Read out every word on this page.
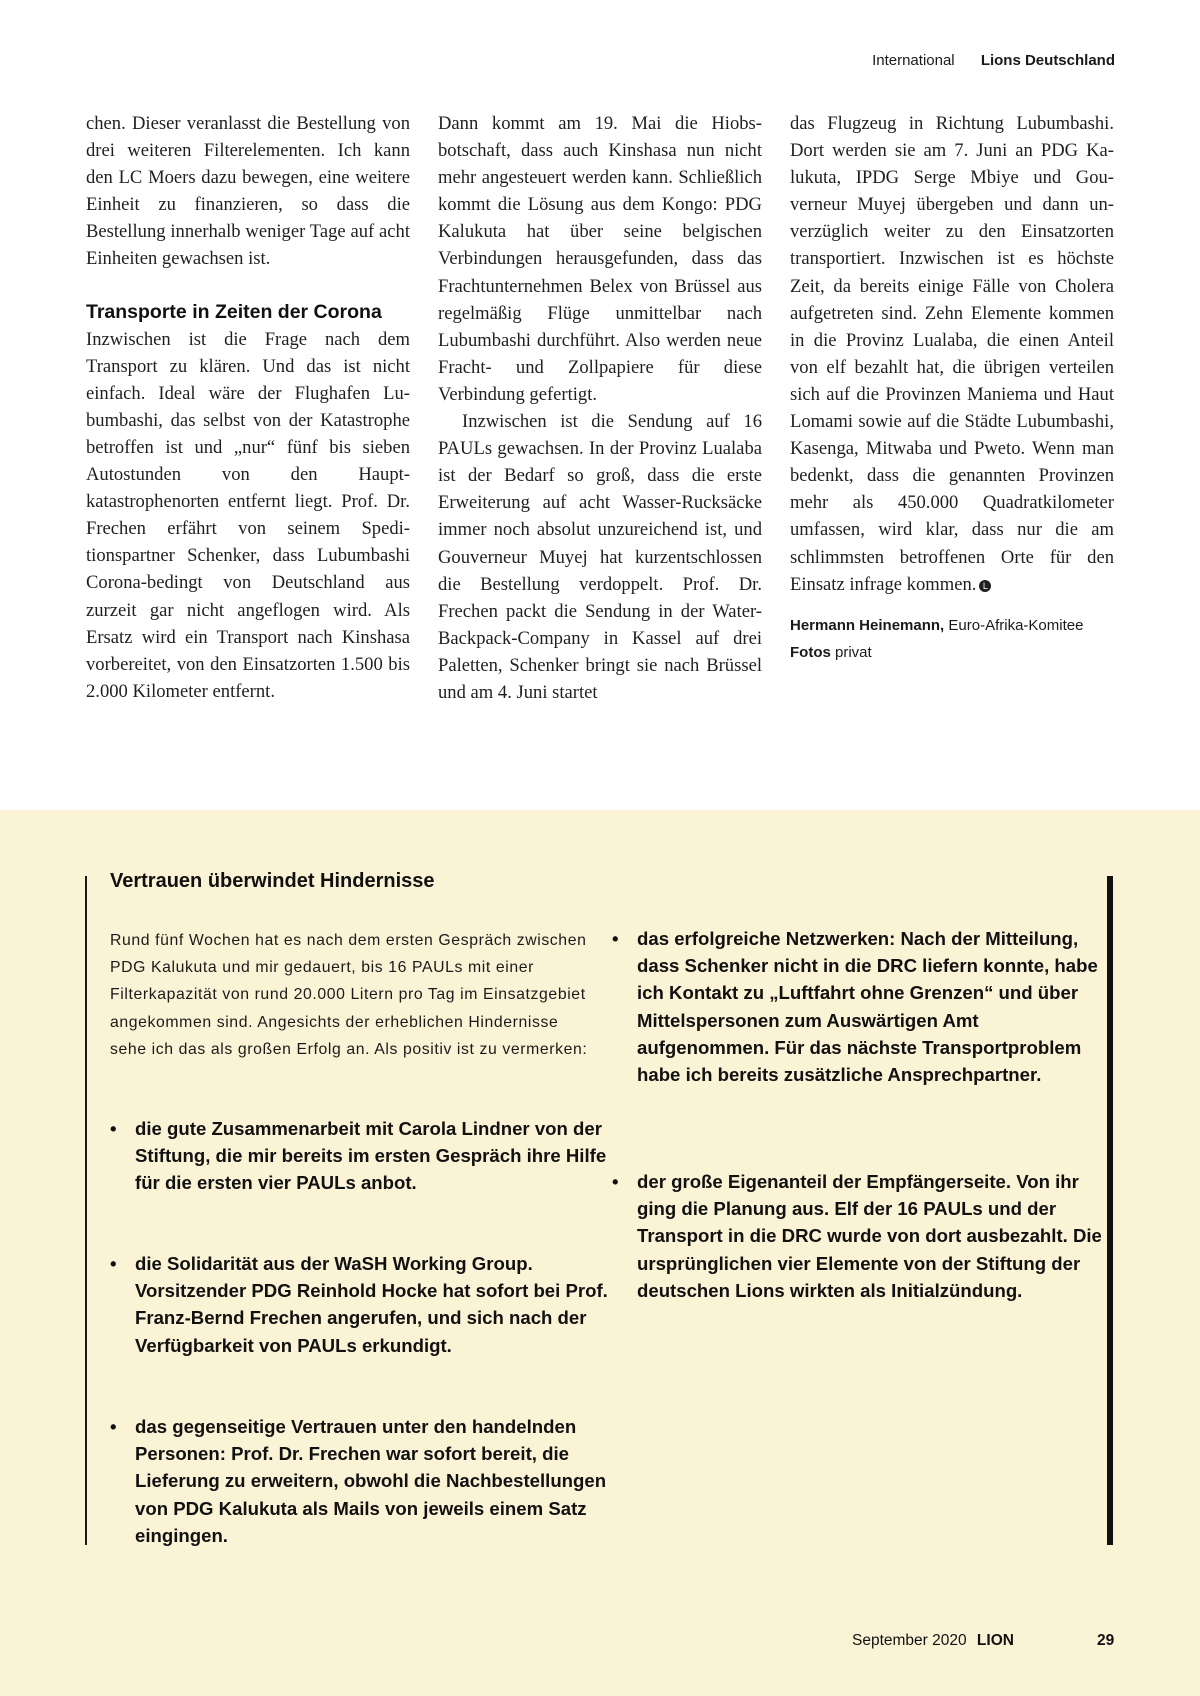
International Lions Deutschland

chen. Dieser veranlasst die Bestellung von drei weiteren Filterelementen. Ich kann den LC Moers dazu bewegen, eine weitere Einheit zu finanzieren, so dass die Bestellung innerhalb weniger Tage auf acht Einheiten gewachsen ist.

Transporte in Zeiten der Corona

Inzwischen ist die Frage nach dem Transport zu klären. Und das ist nicht einfach. Ideal wäre der Flughafen Lubumbashi, das selbst von der Katastrophe betroffen ist und „nur“ fünf bis sieben Autostunden von den Hauptkatastrophenorten entfernt liegt. Prof. Dr. Frechen erfährt von seinem Speditionspartner Schenker, dass Lubumbashi Corona-bedingt von Deutschland aus zurzeit gar nicht angeflogen wird. Als Ersatz wird ein Transport nach Kinshasa vorbereitet, von den Einsatzorten 1.500 bis 2.000 Kilometer entfernt.

Dann kommt am 19. Mai die Hiobsbotschaft, dass auch Kinshasa nun nicht mehr angesteuert werden kann. Schließlich kommt die Lösung aus dem Kongo: PDG Kalukuta hat über seine belgischen Verbindungen herausgefunden, dass das Frachtunternehmen Belex von Brüssel aus regelmäßig Flüge unmittelbar nach Lubumbashi durchführt. Also werden neue Fracht- und Zollpapiere für diese Verbindung gefertigt.

Inzwischen ist die Sendung auf 16 PAULs gewachsen. In der Provinz Lualaba ist der Bedarf so groß, dass die erste Erweiterung auf acht Wasser-Rucksäcke immer noch absolut unzureichend ist, und Gouverneur Muyej hat kurzentschlossen die Bestellung verdoppelt. Prof. Dr. Frechen packt die Sendung in der Water-Backpack-Company in Kassel auf drei Paletten, Schenker bringt sie nach Brüssel und am 4. Juni startet

das Flugzeug in Richtung Lubumbashi. Dort werden sie am 7. Juni an PDG Kalukuta, IPDG Serge Mbiye und Gouverneur Muyej übergeben und dann unverzüglich weiter zu den Einsatzorten transportiert. Inzwischen ist es höchste Zeit, da bereits einige Fälle von Cholera aufgetreten sind. Zehn Elemente kommen in die Provinz Lualaba, die einen Anteil von elf bezahlt hat, die übrigen verteilen sich auf die Provinzen Maniema und Haut Lomami sowie auf die Städte Lubumbashi, Kasenga, Mitwaba und Pweto. Wenn man bedenkt, dass die genannten Provinzen mehr als 450.000 Quadratkilometer umfassen, wird klar, dass nur die am schlimmsten betroffenen Orte für den Einsatz infrage kommen. L

Hermann Heinemann, Euro-Afrika-Komitee
Fotos privat
Vertrauen überwindet Hindernisse
Rund fünf Wochen hat es nach dem ersten Gespräch zwischen PDG Kalukuta und mir gedauert, bis 16 PAULs mit einer Filterkapazität von rund 20.000 Litern pro Tag im Einsatzgebiet angekommen sind. Angesichts der erheblichen Hindernisse sehe ich das als großen Erfolg an. Als positiv ist zu vermerken:
• die gute Zusammenarbeit mit Carola Lindner von der Stiftung, die mir bereits im ersten Gespräch ihre Hilfe für die ersten vier PAULs anbot.
• die Solidarität aus der WaSH Working Group. Vorsitzender PDG Reinhold Hocke hat sofort bei Prof. Franz-Bernd Frechen angerufen, und sich nach der Verfügbarkeit von PAULs erkundigt.
• das gegenseitige Vertrauen unter den handelnden Personen: Prof. Dr. Frechen war sofort bereit, die Lieferung zu erweitern, obwohl die Nachbestellungen von PDG Kalukuta als Mails von jeweils einem Satz eingingen.
• das erfolgreiche Netzwerken: Nach der Mitteilung, dass Schenker nicht in die DRC liefern konnte, habe ich Kontakt zu „Luftfahrt ohne Grenzen“ und über Mittelspersonen zum Auswärtigen Amt aufgenommen. Für das nächste Transportproblem habe ich bereits zusätzliche Ansprechpartner.
• der große Eigenanteil der Empfängerseite. Von ihr ging die Planung aus. Elf der 16 PAULs und der Transport in die DRC wurde von dort ausbezahlt. Die ursprünglichen vier Elemente von der Stiftung der deutschen Lions wirkten als Initialzündung.
September 2020 LION	29
